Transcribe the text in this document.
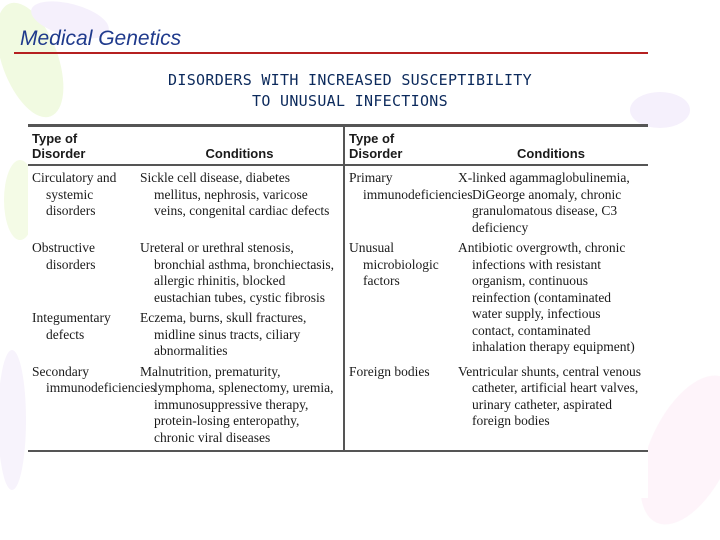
Medical Genetics
DISORDERS WITH INCREASED SUSCEPTIBILITY
TO UNUSUAL INFECTIONS
Type of Disorder	Conditions	Type of Disorder	Conditions

Circulatory and systemic disorders	Sickle cell disease, diabetes mellitus, nephrosis, varicose veins, congenital cardiac defects	Primary immunodeficiencies	X-linked agammaglobulinemia, DiGeorge anomaly, chronic granulomatous disease, C3 deficiency

Obstructive disorders	Ureteral or urethral stenosis, bronchial asthma, bronchiectasis, allergic rhinitis, blocked eustachian tubes, cystic fibrosis	Unusual microbiologic factors	Antibiotic overgrowth, chronic infections with resistant organism, continuous reinfection (contaminated water supply, infectious contact, contaminated inhalation therapy equipment)

Integumentary defects	Eczema, burns, skull fractures, midline sinus tracts, ciliary abnormalities		

Secondary immunodeficiencies	Malnutrition, prematurity, lymphoma, splenectomy, uremia, immunosuppressive therapy, protein-losing enteropathy, chronic viral diseases	Foreign bodies	Ventricular shunts, central venous catheter, artificial heart valves, urinary catheter, aspirated foreign bodies
